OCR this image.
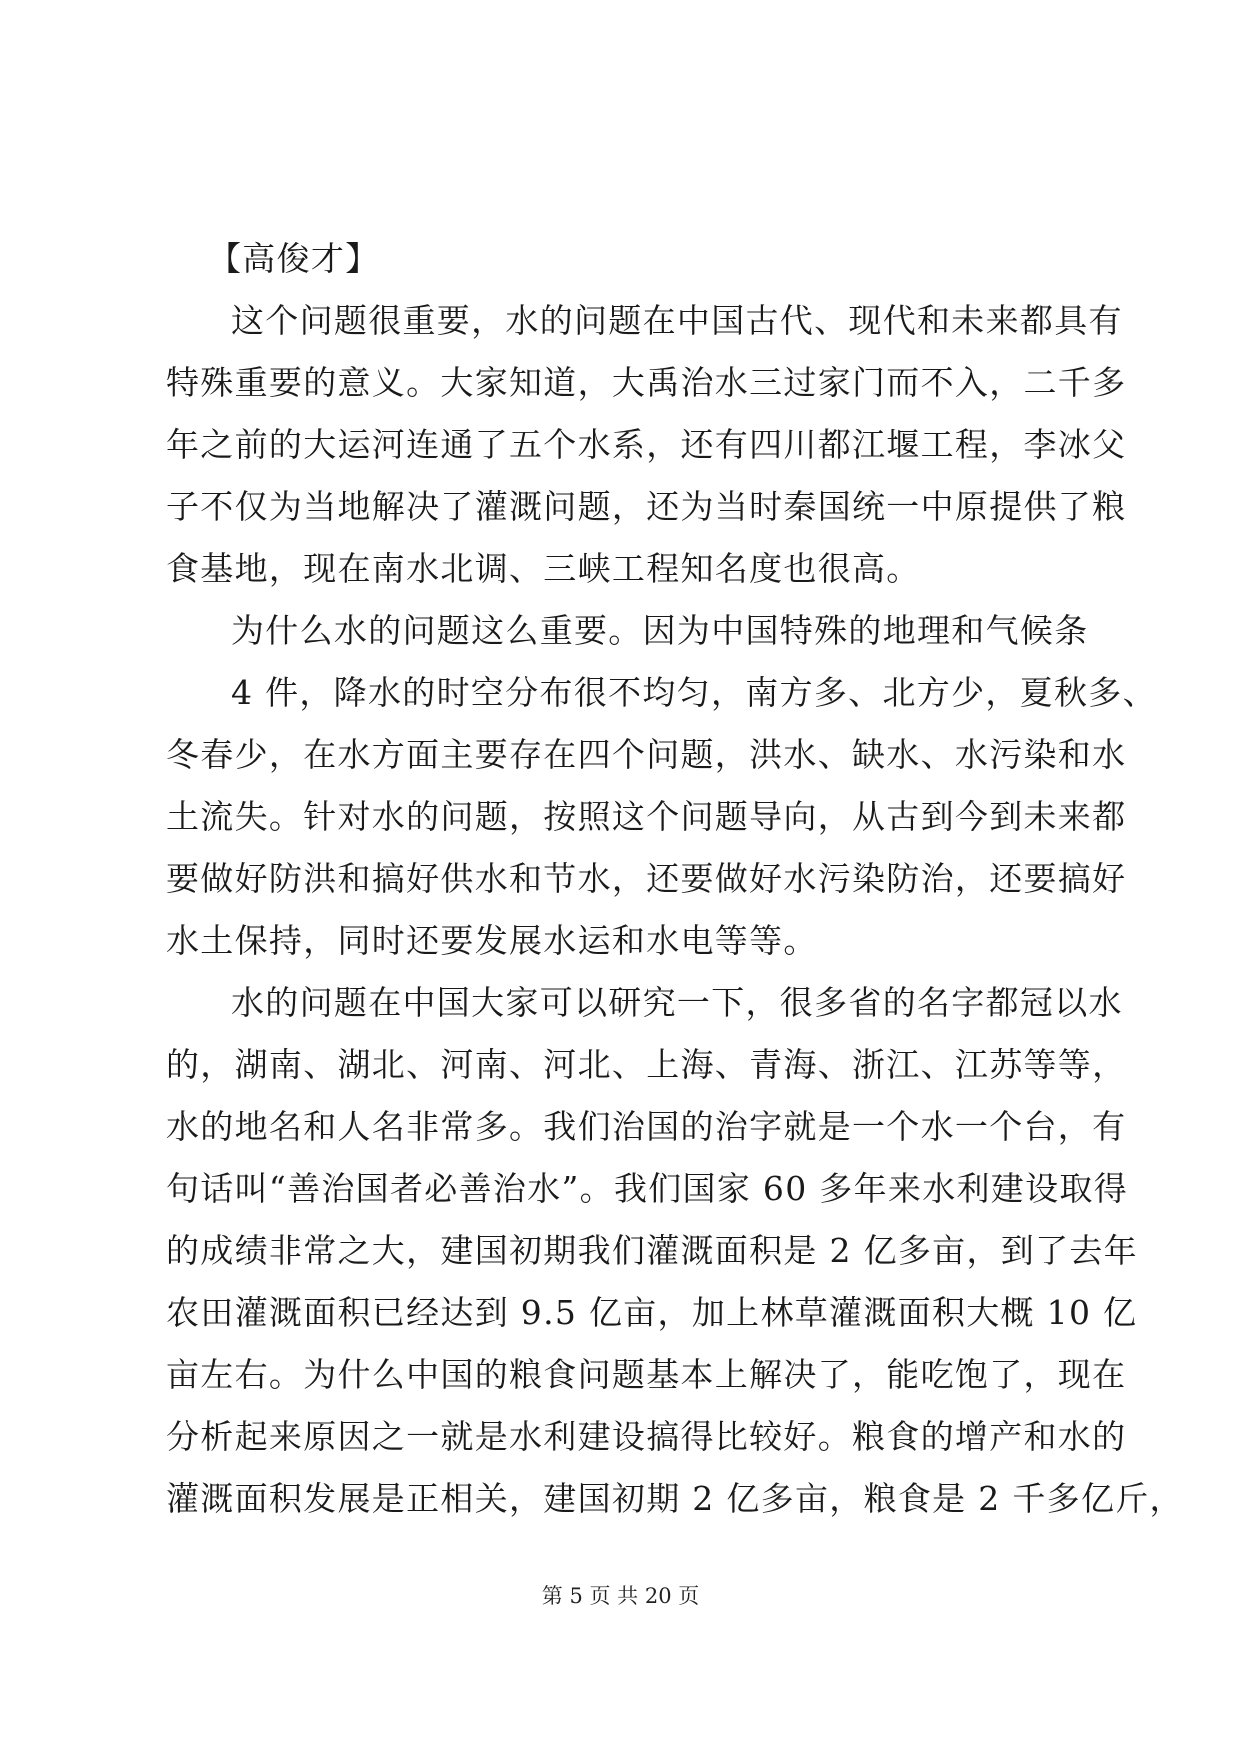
【高俊才】
这个问题很重要，水的问题在中国古代、现代和未来都具有
特殊重要的意义。大家知道，大禹治水三过家门而不入，二千多
年之前的大运河连通了五个水系，还有四川都江堰工程，李冰父
子不仅为当地解决了灌溉问题，还为当时秦国统一中原提供了粮
食基地，现在南水北调、三峡工程知名度也很高。
为什么水的问题这么重要。因为中国特殊的地理和气候条
4 件，降水的时空分布很不均匀，南方多、北方少，夏秋多、
冬春少，在水方面主要存在四个问题，洪水、缺水、水污染和水
土流失。针对水的问题，按照这个问题导向，从古到今到未来都
要做好防洪和搞好供水和节水，还要做好水污染防治，还要搞好
水土保持，同时还要发展水运和水电等等。
水的问题在中国大家可以研究一下，很多省的名字都冠以水
的，湖南、湖北、河南、河北、上海、青海、浙江、江苏等等，
水的地名和人名非常多。我们治国的治字就是一个水一个台，有
句话叫“善治国者必善治水”。我们国家 60 多年来水利建设取得
的成绩非常之大，建国初期我们灌溉面积是 2 亿多亩，到了去年
农田灌溉面积已经达到 9.5 亿亩，加上林草灌溉面积大概 10 亿
亩左右。为什么中国的粮食问题基本上解决了，能吃饱了，现在
分析起来原因之一就是水利建设搞得比较好。粮食的增产和水的
灌溉面积发展是正相关，建国初期 2 亿多亩，粮食是 2 千多亿斤，
第 5 页 共 20 页
